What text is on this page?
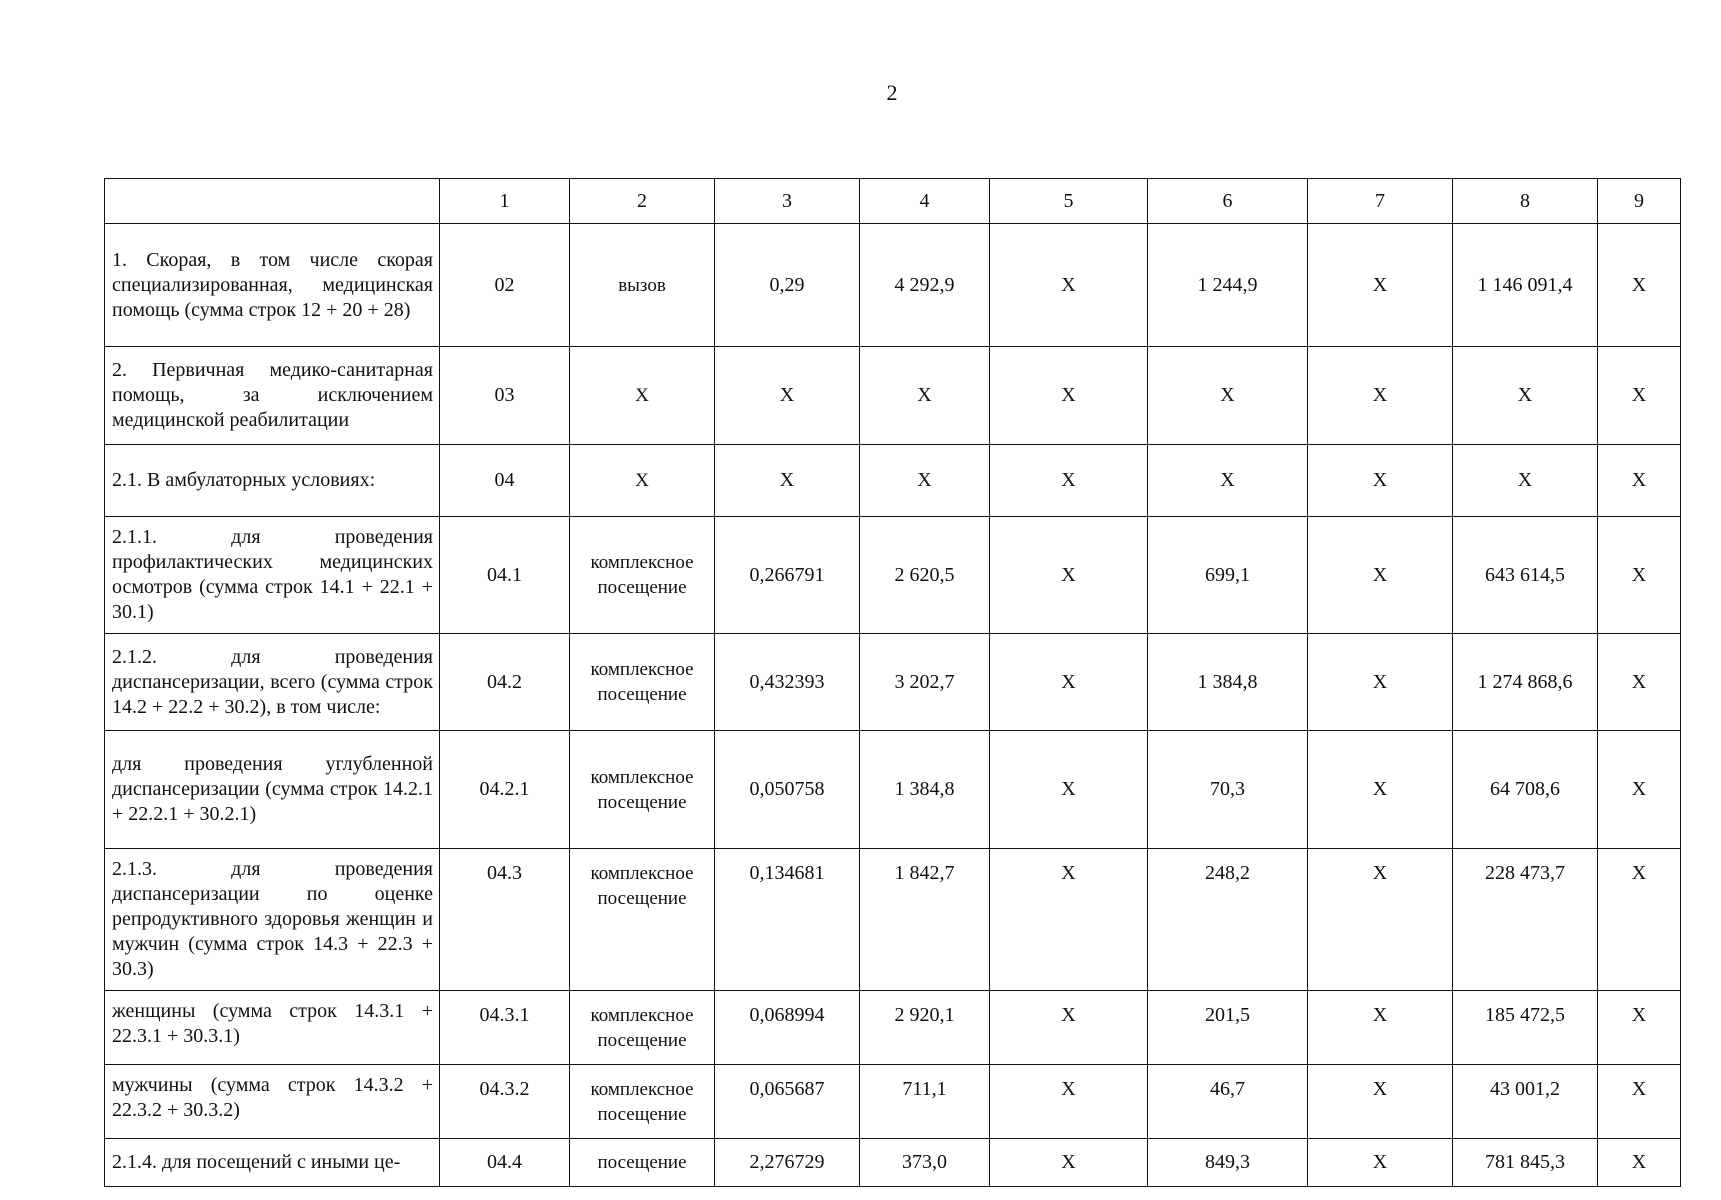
2
	1	2	3	4	5	6	7	8	9
1. Скорая, в том числе скорая специализированная, медицинская помощь (сумма строк 12 + 20 + 28)	02	вызов	0,29	4 292,9	X	1 244,9	X	1 146 091,4	X
2. Первичная медико-санитарная помощь, за исключением медицинской реабилитации	03	X	X	X	X	X	X	X	X
2.1. В амбулаторных условиях:	04	X	X	X	X	X	X	X	X
2.1.1. для проведения профилактических медицинских осмотров (сумма строк 14.1 + 22.1 + 30.1)	04.1	комплексное посещение	0,266791	2 620,5	X	699,1	X	643 614,5	X
2.1.2. для проведения диспансеризации, всего (сумма строк 14.2 + 22.2 + 30.2), в том числе:	04.2	комплексное посещение	0,432393	3 202,7	X	1 384,8	X	1 274 868,6	X
для проведения углубленной диспансеризации (сумма строк 14.2.1 + 22.2.1 + 30.2.1)	04.2.1	комплексное посещение	0,050758	1 384,8	X	70,3	X	64 708,6	X
2.1.3. для проведения диспансеризации по оценке репродуктивного здоровья женщин и мужчин (сумма строк 14.3 + 22.3 + 30.3)	04.3	комплексное посещение	0,134681	1 842,7	X	248,2	X	228 473,7	X
женщины (сумма строк 14.3.1 + 22.3.1 + 30.3.1)	04.3.1	комплексное посещение	0,068994	2 920,1	X	201,5	X	185 472,5	X
мужчины (сумма строк 14.3.2 + 22.3.2 + 30.3.2)	04.3.2	комплексное посещение	0,065687	711,1	X	46,7	X	43 001,2	X
2.1.4. для посещений с иными це-	04.4	посещение	2,276729	373,0	X	849,3	X	781 845,3	X
